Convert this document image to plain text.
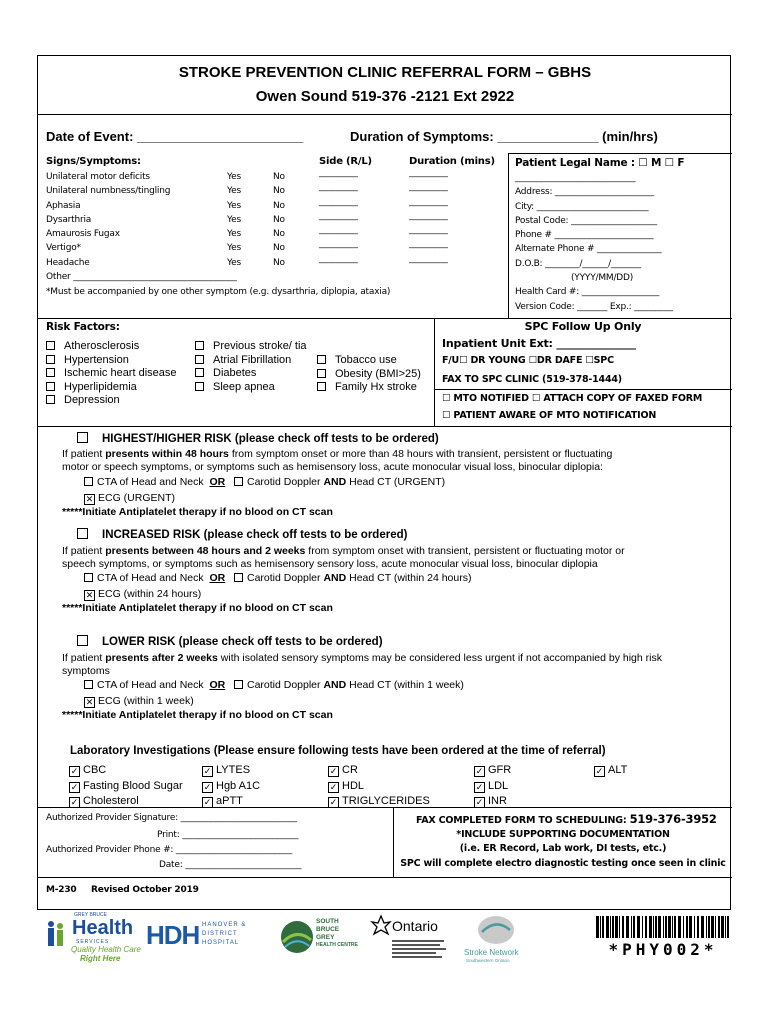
STROKE PREVENTION CLINIC REFERRAL FORM – GBHS
Owen Sound 519-376 -2121 Ext 2922
Date of Event: _______________________	Duration of Symptoms: ______________ (min/hrs)
Signs/Symptoms:	Side (R/L)	Duration (mins)
Unilateral motor deficits	Yes	No	_________	_________
Unilateral numbness/tingling	Yes	No	_________	_________
Aphasia	Yes	No	_________	_________
Dysarthria	Yes	No	_________	_________
Amaurosis Fugax	Yes	No	_________	_________
Vertigo*	Yes	No	_________	_________
Headache	Yes	No	_________	_________
Other ______________________________________
*Must be accompanied by one other symptom (e.g. dysarthria, diplopia, ataxia)
Patient Legal Name : ☐ M ☐ F
____________________________
Address: _______________________
City: __________________________
Postal Code: ____________________
Phone # _______________________
Alternate Phone # _______________
D.O.B: ________/______/_______
(YYYY/MM/DD)
Health Card #: __________________
Version Code: _______ Exp.: _________
Risk Factors:
Atherosclerosis
Hypertension
Ischemic heart disease
Hyperlipidemia
Depression
Previous stroke/ tia
Atrial Fibrillation
Diabetes
Sleep apnea
Tobacco use
Obesity (BMI>25)
Family Hx stroke
SPC Follow Up Only
Inpatient Unit Ext: _______________
F/U☐ DR YOUNG ☐DR DAFE ☐SPC
FAX TO SPC CLINIC (519-378-1444)
☐ MTO NOTIFIED ☐ ATTACH COPY OF FAXED FORM
☐ PATIENT AWARE OF MTO NOTIFICATION
HIGHEST/HIGHER RISK (please check off tests to be ordered)
If patient presents within 48 hours from symptom onset or more than 48 hours with transient, persistent or fluctuating
motor or speech symptoms, or symptoms such as hemisensory loss, acute monocular visual loss, binocular diplopia:
CTA of Head and Neck OR Carotid Doppler AND Head CT (URGENT)
✕ ECG (URGENT)
*****Initiate Antiplatelet therapy if no blood on CT scan
INCREASED RISK (please check off tests to be ordered)
If patient presents between 48 hours and 2 weeks from symptom onset with transient, persistent or fluctuating motor or
speech symptoms, or symptoms such as hemisensory sensory loss, acute monocular visual loss, binocular diplopia
CTA of Head and Neck OR Carotid Doppler AND Head CT (within 24 hours)
✕ ECG (within 24 hours)
*****Initiate Antiplatelet therapy if no blood on CT scan
LOWER RISK (please check off tests to be ordered)
If patient presents after 2 weeks with isolated sensory symptoms may be considered less urgent if not accompanied by high risk
symptoms
CTA of Head and Neck OR Carotid Doppler AND Head CT (within 1 week)
✕ ECG (within 1 week)
*****Initiate Antiplatelet therapy if no blood on CT scan
Laboratory Investigations (Please ensure following tests have been ordered at the time of referral)
✓ CBC
✓ Fasting Blood Sugar
✓ Cholesterol
✓ LYTES
✓ Hgb A1C
✓ aPTT
✓ CR
✓ HDL
✓ TRIGLYCERIDES
✓ GFR
✓ LDL
✓ INR
✓ ALT
Authorized Provider Signature: ___________________________
Print: ___________________________
Authorized Provider Phone #: ___________________________
Date: ___________________________
FAX COMPLETED FORM TO SCHEDULING: 519-376-3952
*INCLUDE SUPPORTING DOCUMENTATION
(i.e. ER Record, Lab work, DI tests, etc.)
SPC will complete electro diagnostic testing once seen in clinic
M-230 Revised October 2019
GREY BRUCE
Health
SERVICES
Quality Health Care
Right Here
HDH HANOVER &
DISTRICT
HOSPITAL
SOUTH
BRUCE
GREY
HEALTH CENTRE
Ontario
Stroke Network
Southwestern Ontario
*PHY002*
